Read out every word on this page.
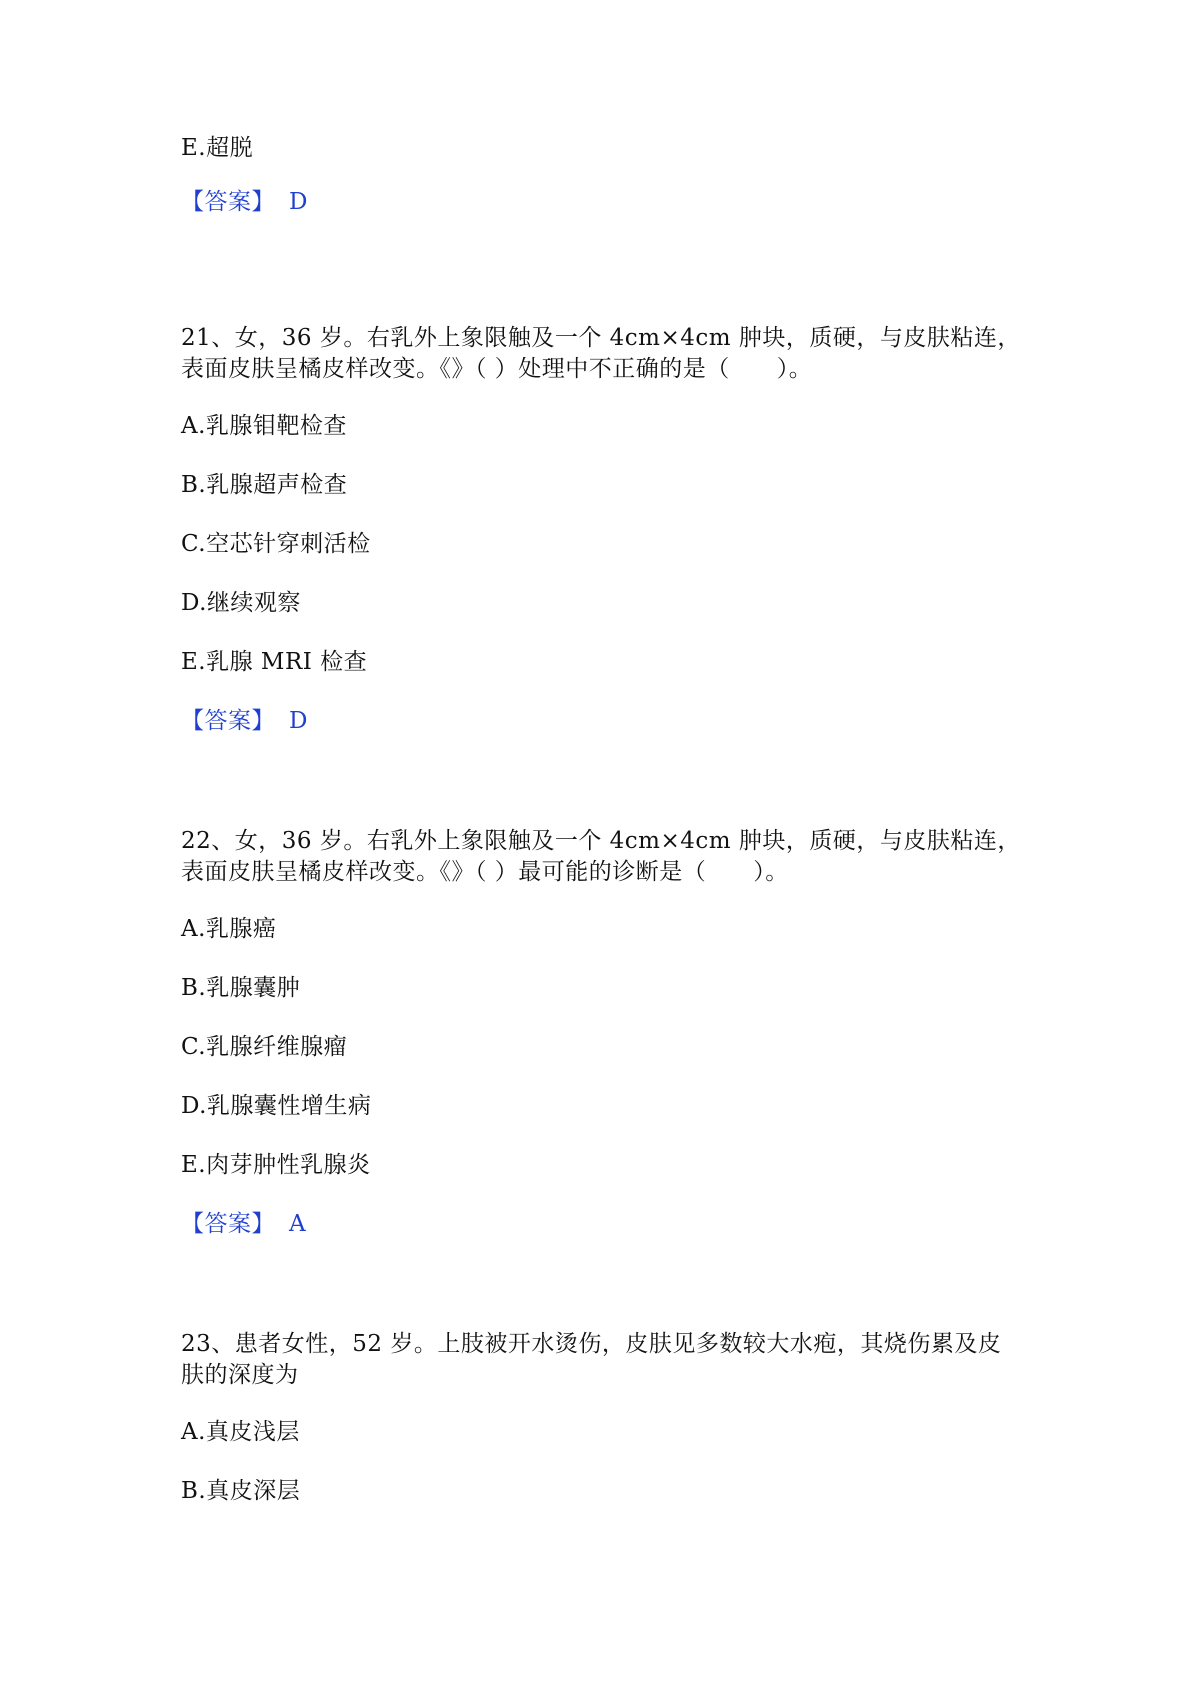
E.超脱
【答案】 D
21、女，36 岁。右乳外上象限触及一个 4cm×4cm 肿块，质硬，与皮肤粘连，
表面皮肤呈橘皮样改变。《》（ ）处理中不正确的是（　　）。
A.乳腺钼靶检查
B.乳腺超声检查
C.空芯针穿刺活检
D.继续观察
E.乳腺 MRI 检查
【答案】 D
22、女，36 岁。右乳外上象限触及一个 4cm×4cm 肿块，质硬，与皮肤粘连，
表面皮肤呈橘皮样改变。《》（ ）最可能的诊断是（　　）。
A.乳腺癌
B.乳腺囊肿
C.乳腺纤维腺瘤
D.乳腺囊性增生病
E.肉芽肿性乳腺炎
【答案】 A
23、患者女性，52 岁。上肢被开水烫伤，皮肤见多数较大水疱，其烧伤累及皮
肤的深度为
A.真皮浅层
B.真皮深层
